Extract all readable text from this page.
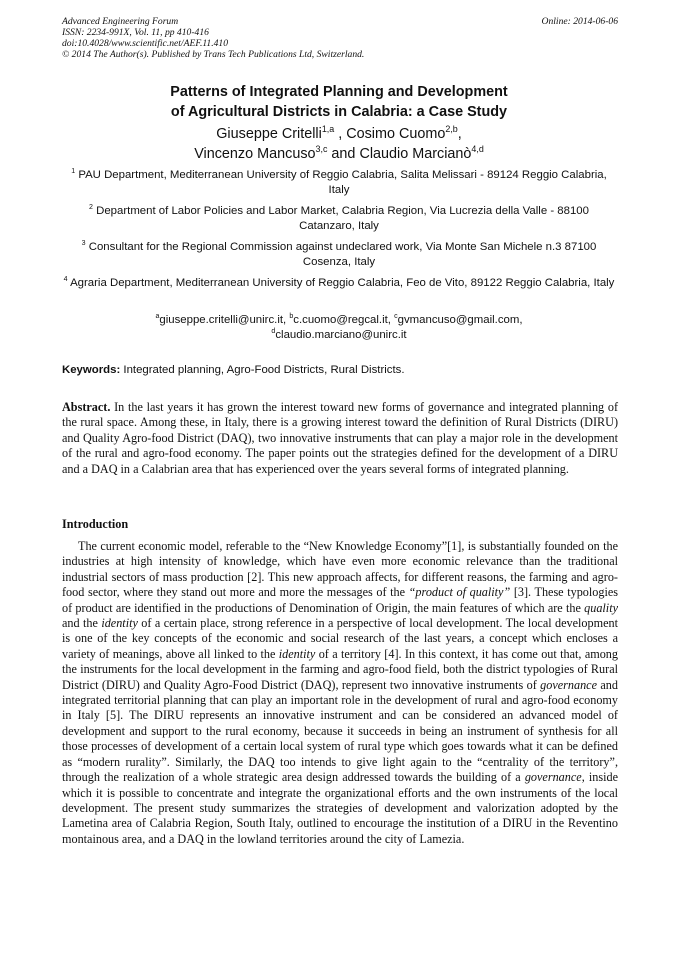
Advanced Engineering Forum
ISSN: 2234-991X, Vol. 11, pp 410-416
doi:10.4028/www.scientific.net/AEF.11.410
© 2014 The Author(s). Published by Trans Tech Publications Ltd, Switzerland.
Online: 2014-06-06
Patterns of Integrated Planning and Development
of Agricultural Districts in Calabria: a Case Study
Giuseppe Critelli$^{1,a}$ , Cosimo Cuomo$^{2,b}$,
Vincenzo Mancuso$^{3,c}$ and Claudio Marcianò$^{4,d}$
$^1$ PAU Department, Mediterranean University of Reggio Calabria, Salita Melissari - 89124 Reggio Calabria, Italy
$^2$ Department of Labor Policies and Labor Market, Calabria Region, Via Lucrezia della Valle - 88100 Catanzaro, Italy
$^3$ Consultant for the Regional Commission against undeclared work, Via Monte San Michele n.3 87100 Cosenza, Italy
$^4$ Agraria Department, Mediterranean University of Reggio Calabria, Feo de Vito, 89122 Reggio Calabria, Italy
$^a$giuseppe.critelli@unirc.it, $^b$c.cuomo@regcal.it, $^c$gvmancuso@gmail.com,
$^d$claudio.marciano@unirc.it
Keywords: Integrated planning, Agro-Food Districts, Rural Districts.
Abstract. In the last years it has grown the interest toward new forms of governance and integrated planning of the rural space. Among these, in Italy, there is a growing interest toward the definition of Rural Districts (DIRU) and Quality Agro-food District (DAQ), two innovative instruments that can play a major role in the development of the rural and agro-food economy. The paper points out the strategies defined for the development of a DIRU and a DAQ in a Calabrian area that has experienced over the years several forms of integrated planning.
Introduction

The current economic model, referable to the “New Knowledge Economy”[1], is substantially founded on the industries at high intensity of knowledge, which have even more economic relevance than the traditional industrial sectors of mass production [2]. This new approach affects, for different reasons, the farming and agro-food sector, where they stand out more and more the messages of the “product of quality” [3]. These typologies of product are identified in the productions of Denomination of Origin, the main features of which are the quality and the identity of a certain place, strong reference in a perspective of local development. The local development is one of the key concepts of the economic and social research of the last years, a concept which encloses a variety of meanings, above all linked to the identity of a territory [4]. In this context, it has come out that, among the instruments for the local development in the farming and agro-food field, both the district typologies of Rural District (DIRU) and Quality Agro-Food District (DAQ), represent two innovative instruments of governance and integrated territorial planning that can play an important role in the development of rural and agro-food economy in Italy [5]. The DIRU represents an innovative instrument and can be considered an advanced model of development and support to the rural economy, because it succeeds in being an instrument of synthesis for all those processes of development of a certain local system of rural type which goes towards what it can be defined as “modern rurality”. Similarly, the DAQ too intends to give light again to the “centrality of the territory”, through the realization of a whole strategic area design addressed towards the building of a governance, inside which it is possible to concentrate and integrate the organizational efforts and the own instruments of the local development. The present study summarizes the strategies of development and valorization adopted by the Lametina area of Calabria Region, South Italy, outlined to encourage the institution of a DIRU in the Reventino montainous area, and a DAQ in the lowland territories around the city of Lamezia.
